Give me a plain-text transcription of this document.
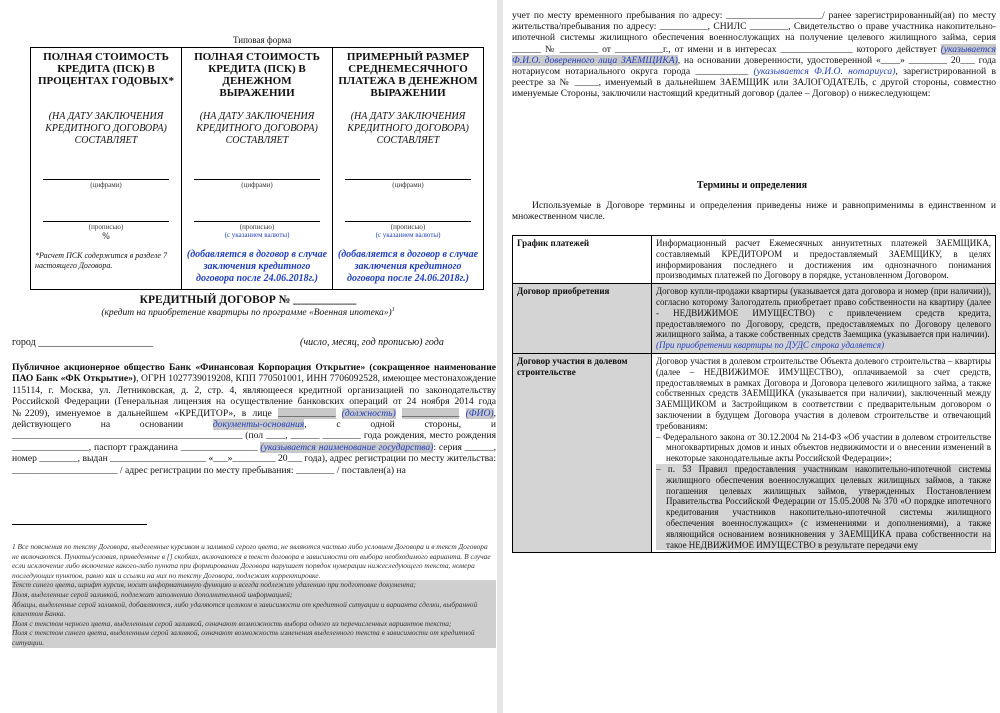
Типовая форма
ПОЛНАЯ СТОИМОСТЬ КРЕДИТА (ПСК) В ПРОЦЕНТАХ ГОДОВЫХ*
(НА ДАТУ ЗАКЛЮЧЕНИЯ КРЕДИТНОГО ДОГОВОРА) СОСТАВЛЯЕТ
(цифрами)
(прописью)
%
*Расчет ПСК содержится в разделе 7 настоящего Договора.

ПОЛНАЯ СТОИМОСТЬ КРЕДИТА (ПСК) В ДЕНЕЖНОМ ВЫРАЖЕНИИ
(НА ДАТУ ЗАКЛЮЧЕНИЯ КРЕДИТНОГО ДОГОВОРА) СОСТАВЛЯЕТ
(цифрами)
(прописью)
(с указанием валюты)
(добавляется в договор в случае заключения кредитного договора после 24.06.2018г.)

ПРИМЕРНЫЙ РАЗМЕР СРЕДНЕМЕСЯЧНОГО ПЛАТЕЖА В ДЕНЕЖНОМ ВЫРАЖЕНИИ
(НА ДАТУ ЗАКЛЮЧЕНИЯ КРЕДИТНОГО ДОГОВОРА) СОСТАВЛЯЕТ
(цифрами)
(прописью)
(с указанием валюты)
(добавляется в договор в случае заключения кредитного договора после 24.06.2018г.)
КРЕДИТНЫЙ ДОГОВОР № ___________
(кредит на приобретение квартиры по программе «Военная ипотека»)$^1$
город _______________________	(число, месяц, год прописью) года
Публичное акционерное общество Банк «Финансовая Корпорация Открытие» (сокращенное наименование ПАО Банк «ФК Открытие»), ОГРН 1027739019208, КПП 770501001, ИНН 7706092528, имеющее местонахождение 115114, г. Москва, ул. Летниковская, д. 2, стр. 4, являющееся кредитной организацией по законодательству Российской Федерации (Генеральная лицензия на осуществление банковских операций от 24 ноября 2014 года №2209), именуемое в дальнейшем «КРЕДИТОР», в лице ____________ (должность) ____________ (ФИО), действующего на основании	документы-основания, с одной стороны, и ________________________________________________ (пол ____, ______ ________ года рождения, место рождения ________________, паспорт гражданина ________________ (указывается наименование государства): серия ______, номер ________, выдан ____________________ «___»_________ 20___ года), адрес регистрации по месту жительства: ______________________ / адрес регистрации по месту пребывания: ________ / поставлен(а) на

1 Все пояснения по тексту Договора, выделенные курсивом и заливкой серого цвета, не являются частью либо условием Договора и в текст Договора не включаются. Пункты/условия, приведенные в [] скобках, включаются в текст договора в зависимости от выбора необходимого варианта. В случае если исключение либо включение какого-либо пункта при формировании Договора нарушает порядок нумерации нижеследующего текста, номера последующих пунктов, равно как и ссылки на них по тексту Договора, подлежат корректировке.

Текст синего цвета, шрифт курсив, носит информативную функцию и всегда подлежит удалению при подготовке документа;

Поля, выделенные серой заливкой, подлежат заполнению дополнительной информацией;

Абзацы, выделенные серой заливкой, добавляются, либо удаляются целиком в зависимости от кредитной ситуации и варианта сделки, выбранной клиентом Банка.

Поля с текстом черного цвета, выделенным серой заливкой, означают возможность выбора одного из перечисленных вариантов текста;

Поля с текстом синего цвета, выделенным серой заливкой, означают возможность изменения выделенного текста в зависимости от кредитной ситуации.

учет по месту временного пребывания по адресу: ____________________/ ранее зарегистрированный(ая) по месту жительства/пребывания по адресу: __________, СНИЛС ________, Свидетельство о праве участника накопительно-ипотечной системы жилищного обеспечения военнослужащих на получение целевого жилищного займа, серия ______ № ________ от __________г., от имени и в интересах _______________ которого действует (указывается Ф.И.О. доверенного лица ЗАЕМЩИКА), на основании доверенности, удостоверенной «____» ________ 20___ года нотариусом нотариального округа города ___________ (указывается Ф.И.О. нотариуса), зарегистрированной в реестре за № _____, именуемый в дальнейшем ЗАЕМЩИК или ЗАЛОГОДАТЕЛЬ, с другой стороны, совместно именуемые Стороны, заключили настоящий кредитный договор (далее – Договор) о нижеследующем:
Термины и определения
Используемые в Договоре термины и определения приведены ниже и равноприменимы в единственном и множественном числе.
График платежей	Информационный расчет Ежемесячных аннуитетных платежей ЗАЕМЩИКА, составляемый КРЕДИТОРОМ и предоставляемый ЗАЕМЩИКУ, в целях информирования последнего и достижения им однозначного понимания производимых платежей по Договору в порядке, установленном Договором.
Договор приобретения	Договор купли-продажи квартиры (указывается дата договора и номер (при наличии)), согласно которому Залогодатель приобретает право собственности на квартиру (далее - НЕДВИЖИМОЕ ИМУЩЕСТВО) с привлечением средств кредита, предоставляемого по Договору, средств, предоставляемых по Договору целевого жилищного займа, а также собственных средств Заемщика (указывается при наличии).
(При приобретении квартиры по ДУДС строка удаляется)
Договор участия в долевом строительстве	Договор участия в долевом строительстве Объекта долевого строительства – квартиры (далее – НЕДВИЖИМОЕ ИМУЩЕСТВО), оплачиваемой за счет средств, предоставляемых в рамках Договора и Договора целевого жилищного займа, а также собственных средств ЗАЕМЩИКА (указывается при наличии), заключенный между ЗАЕМЩИКОМ и Застройщиком в соответствии с предварительным договором о заключении в будущем Договора участия в долевом строительстве и отвечающий требованиям:
– Федерального закона от 30.12.2004 № 214-ФЗ «Об участии в долевом строительстве многоквартирных домов и иных объектов недвижимости и о внесении изменений в некоторые законодательные акты Российской Федерации»;
– п. 53 Правил предоставления участникам накопительно-ипотечной системы жилищного обеспечения военнослужащих целевых жилищных займов, а также погашения целевых жилищных займов, утвержденных Постановлением Правительства Российской Федерации от 15.05.2008 № 370 «О порядке ипотечного кредитования участников накопительно-ипотечной системы жилищного обеспечения военнослужащих» (с изменениями и дополнениями), а также являющийся основанием возникновения у ЗАЕМЩИКА права собственности на такое НЕДВИЖИМОЕ ИМУЩЕСТВО в результате передачи ему
